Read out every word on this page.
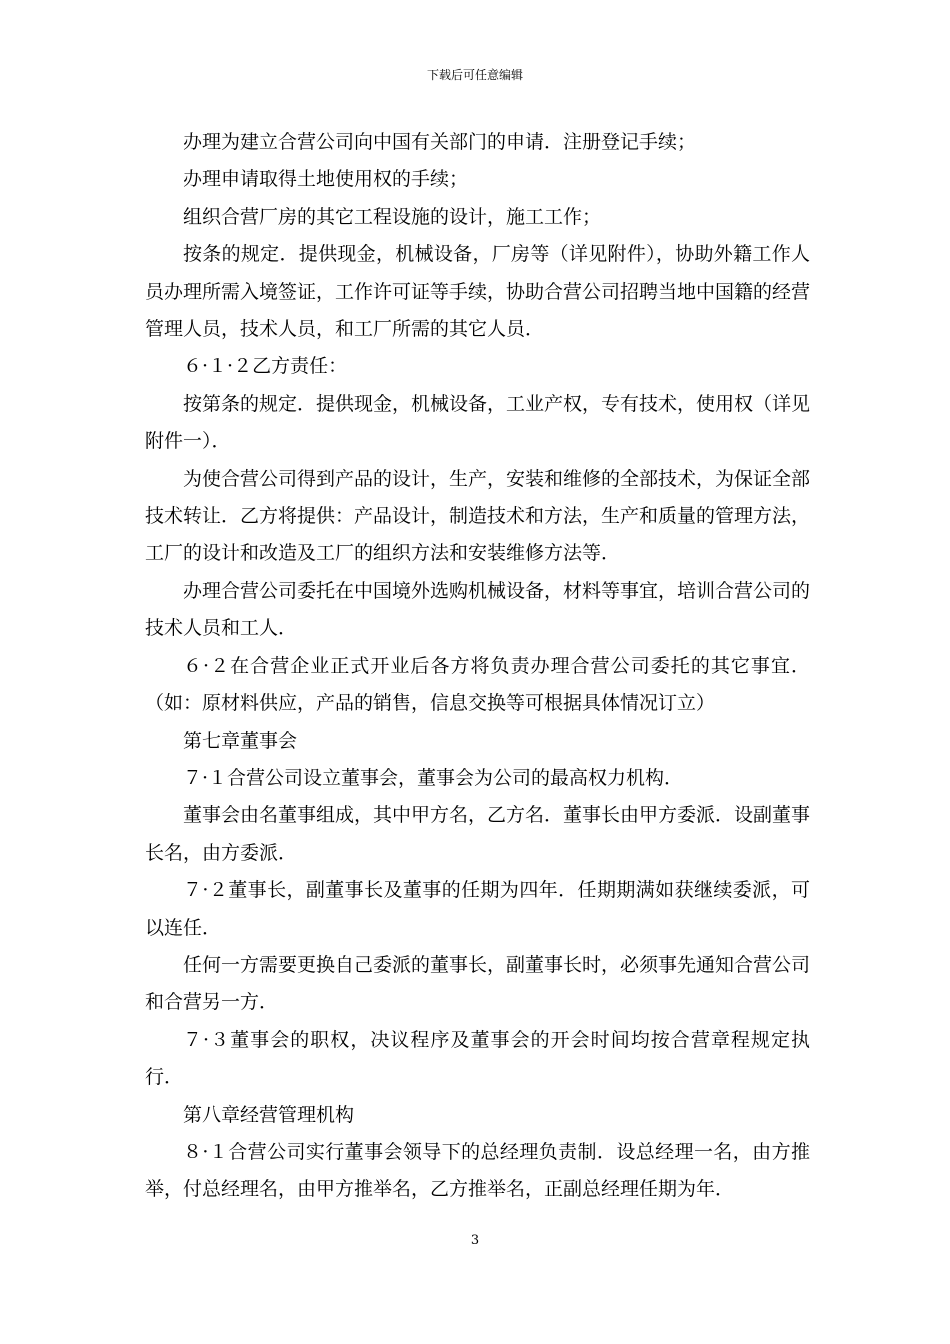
下载后可任意编辑

办理为建立合营公司向中国有关部门的申请．注册登记手续；

办理申请取得土地使用权的手续；

组织合营厂房的其它工程设施的设计，施工工作；

按条的规定．提供现金，机械设备，厂房等（详见附件），协助外籍工作人员办理所需入境签证，工作许可证等手续，协助合营公司招聘当地中国籍的经营管理人员，技术人员，和工厂所需的其它人员．

６·１·２乙方责任：

按第条的规定．提供现金，机械设备，工业产权，专有技术，使用权（详见附件一）．

为使合营公司得到产品的设计，生产，安装和维修的全部技术，为保证全部技术转让．乙方将提供：产品设计，制造技术和方法，生产和质量的管理方法，工厂的设计和改造及工厂的组织方法和安装维修方法等．

办理合营公司委托在中国境外选购机械设备，材料等事宜，培训合营公司的技术人员和工人．

６·２在合营企业正式开业后各方将负责办理合营公司委托的其它事宜．（如：原材料供应，产品的销售，信息交换等可根据具体情况订立）

第七章董事会

７·１合营公司设立董事会，董事会为公司的最高权力机构．

董事会由名董事组成，其中甲方名，乙方名．董事长由甲方委派．设副董事长名，由方委派．

７·２董事长，副董事长及董事的任期为四年．任期期满如获继续委派，可以连任．

任何一方需要更换自己委派的董事长，副董事长时，必须事先通知合营公司和合营另一方．

７·３董事会的职权，决议程序及董事会的开会时间均按合营章程规定执行．

第八章经营管理机构

８·１合营公司实行董事会领导下的总经理负责制．设总经理一名，由方推举，付总经理名，由甲方推举名，乙方推举名，正副总经理任期为年．

3
